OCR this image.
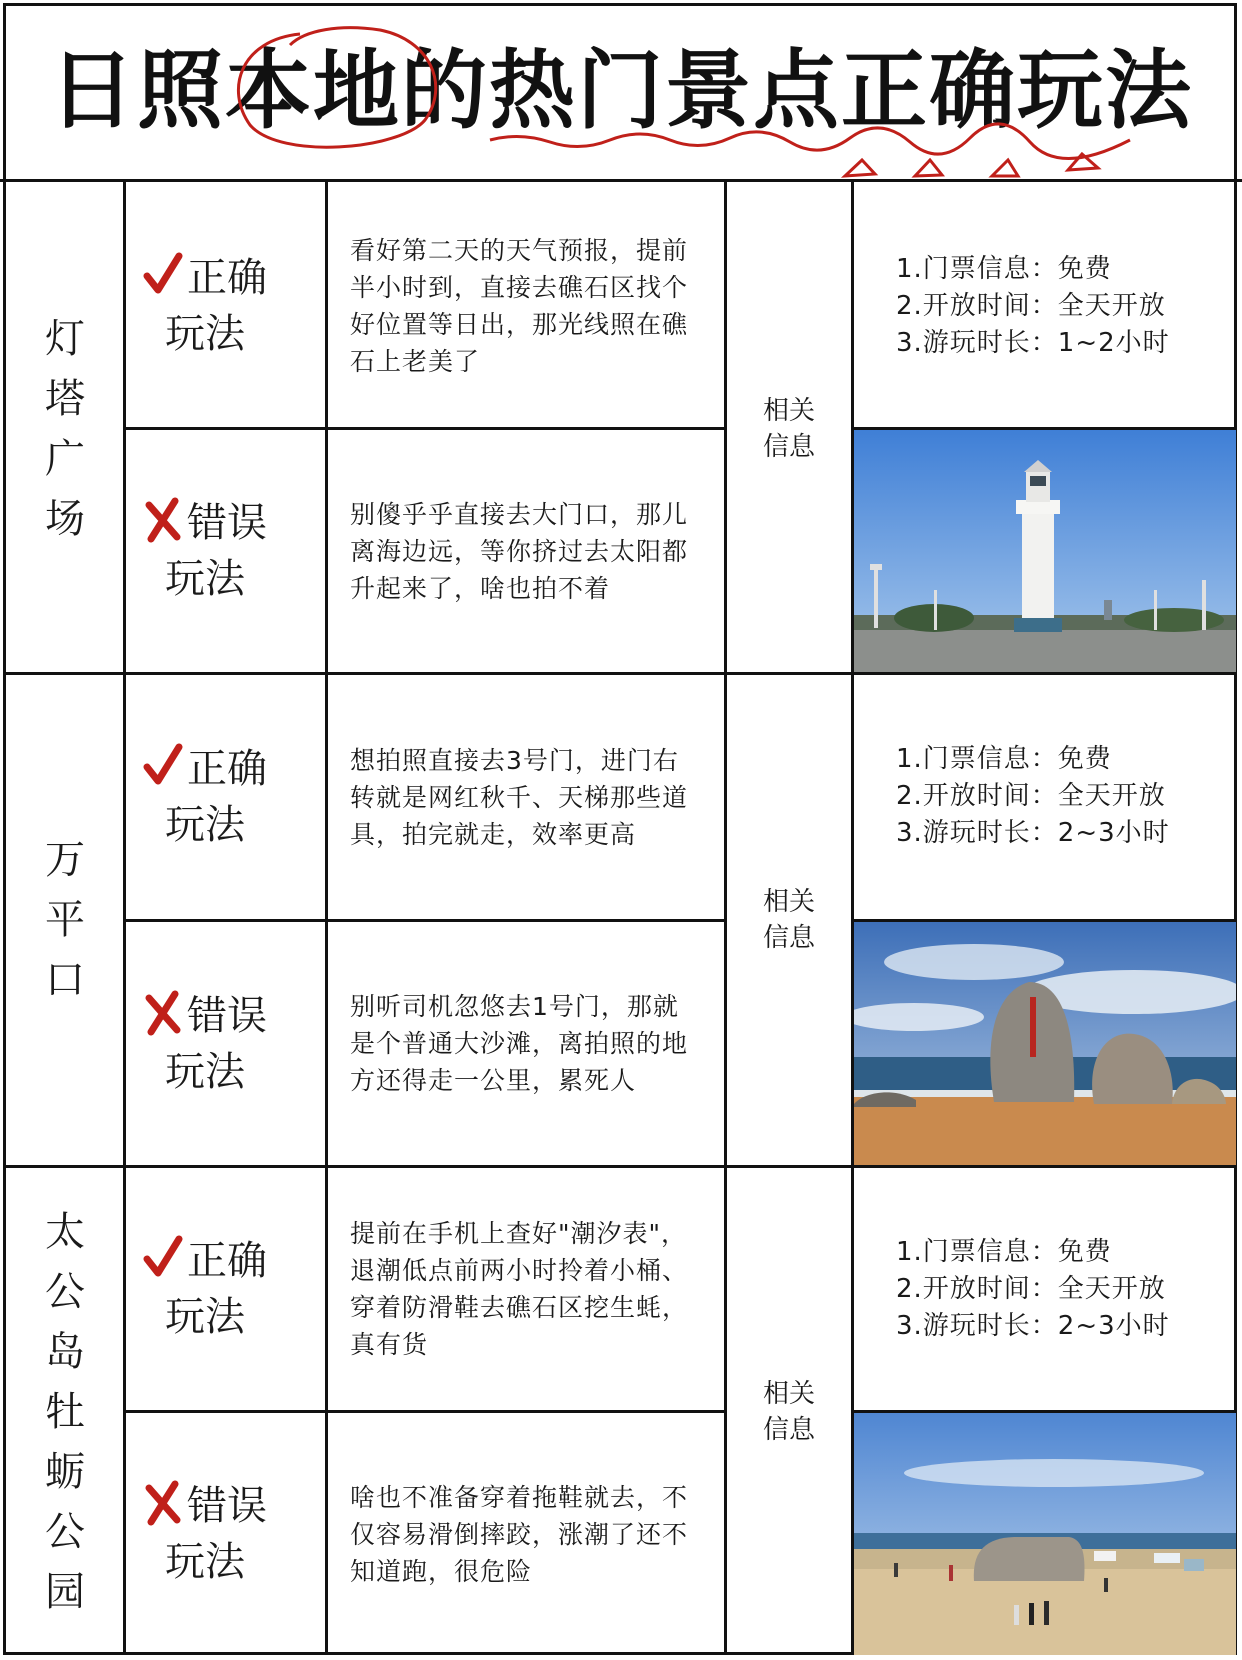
日照本地的热门景点正确玩法
灯塔广场
正确
玩法

看好第二天的天气预报，提前半小时到，直接去礁石区找个好位置等日出，那光线照在礁石上老美了

错误
玩法

别傻乎乎直接去大门口，那儿离海边远，等你挤过去太阳都升起来了，啥也拍不着

相关信息
1.门票信息：免费
2.开放时间：全天开放
3.游玩时长：1~2小时
万平口
正确
玩法

想拍照直接去3号门，进门右转就是网红秋千、天梯那些道具，拍完就走，效率更高

错误
玩法

别听司机忽悠去1号门，那就是个普通大沙滩，离拍照的地方还得走一公里，累死人

相关信息
1.门票信息：免费
2.开放时间：全天开放
3.游玩时长：2~3小时
太公岛牡蛎公园
正确
玩法

提前在手机上查好"潮汐表"，退潮低点前两小时拎着小桶、穿着防滑鞋去礁石区挖生蚝，真有货

错误
玩法

啥也不准备穿着拖鞋就去，不仅容易滑倒摔跤，涨潮了还不知道跑，很危险

相关信息
1.门票信息：免费
2.开放时间：全天开放
3.游玩时长：2~3小时
